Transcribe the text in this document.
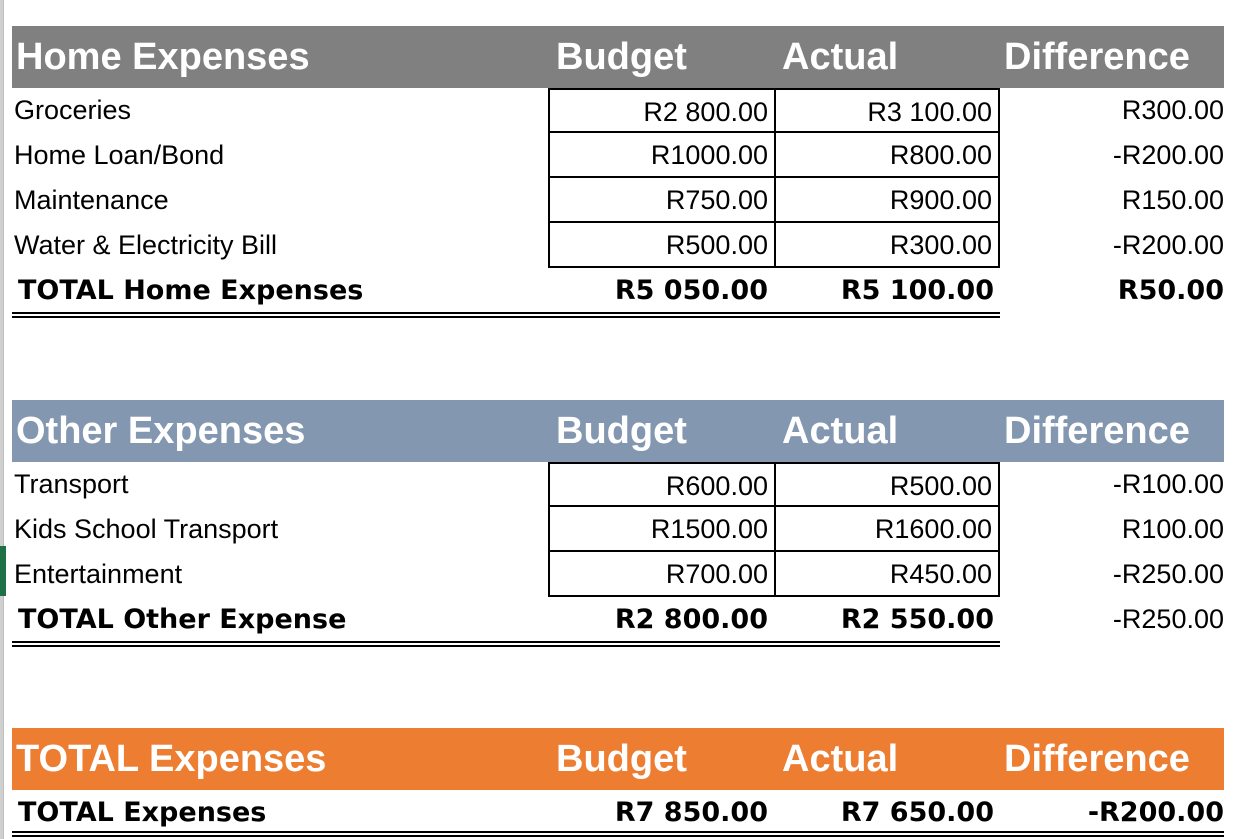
Home Expenses	Budget	Actual	Difference
Groceries	R2 800.00	R3 100.00	R300.00
Home Loan/Bond	R1000.00	R800.00	-R200.00
Maintenance	R750.00	R900.00	R150.00
Water & Electricity Bill	R500.00	R300.00	-R200.00
TOTAL Home Expenses	R5 050.00	R5 100.00	R50.00
Other Expenses	Budget	Actual	Difference
Transport	R600.00	R500.00	-R100.00
Kids School Transport	R1500.00	R1600.00	R100.00
Entertainment	R700.00	R450.00	-R250.00
TOTAL Other Expense	R2 800.00	R2 550.00	-R250.00
TOTAL Expenses	Budget	Actual	Difference
TOTAL Expenses	R7 850.00	R7 650.00	-R200.00
